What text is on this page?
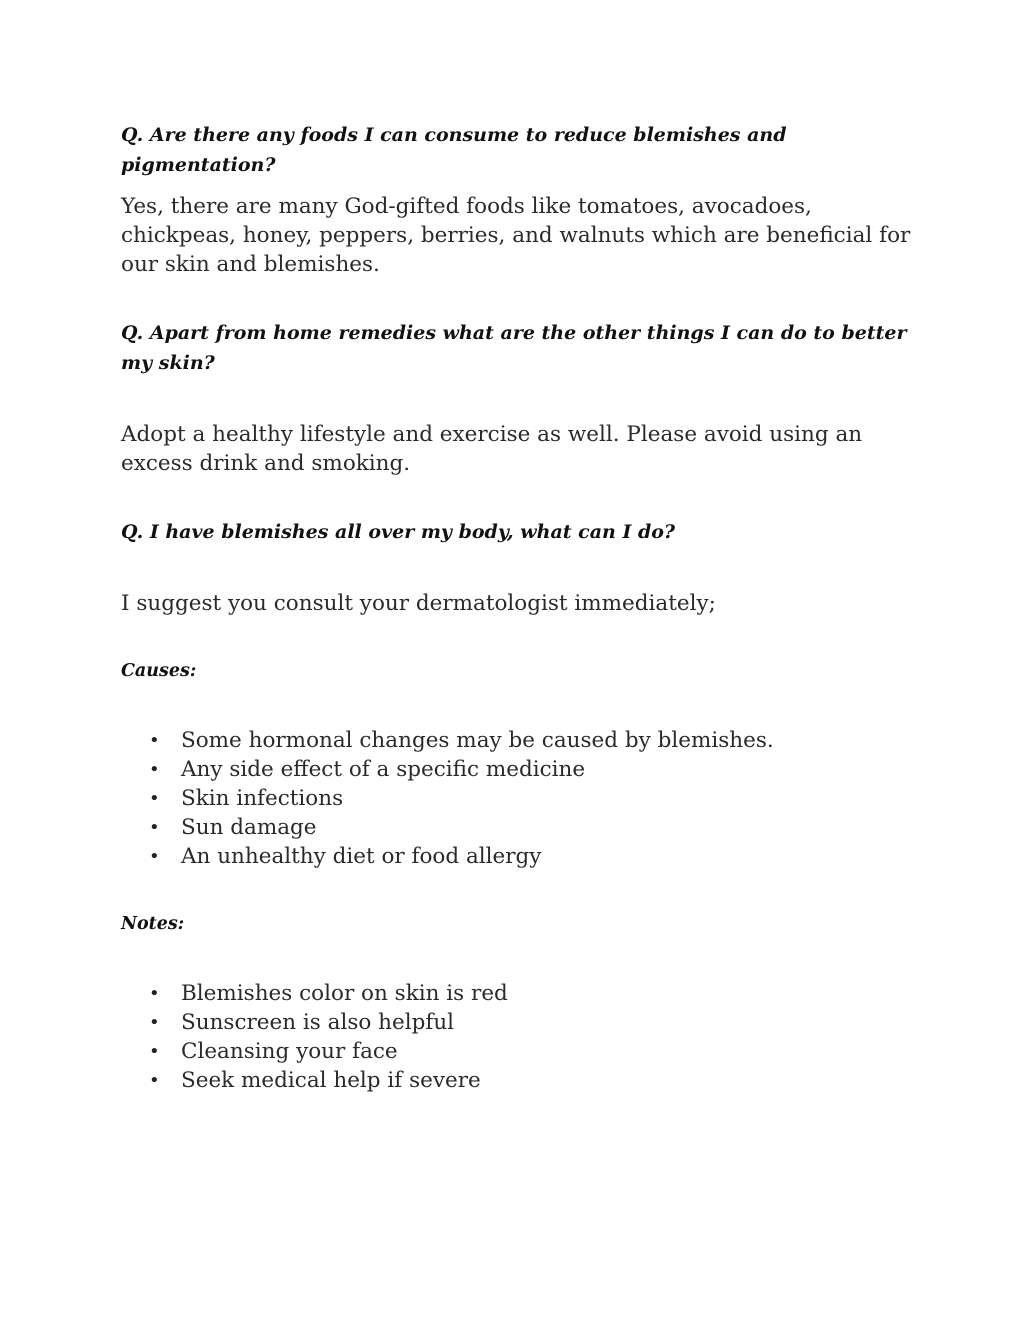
Q. Are there any foods I can consume to reduce blemishes and pigmentation?

Yes, there are many God-gifted foods like tomatoes, avocadoes, chickpeas, honey, peppers, berries, and walnuts which are beneficial for our skin and blemishes.

Q. Apart from home remedies what are the other things I can do to better my skin?

Adopt a healthy lifestyle and exercise as well. Please avoid using an excess drink and smoking.

Q. I have blemishes all over my body, what can I do?

I suggest you consult your dermatologist immediately;

Causes:

• Some hormonal changes may be caused by blemishes.
• Any side effect of a specific medicine
• Skin infections
• Sun damage
• An unhealthy diet or food allergy

Notes:

• Blemishes color on skin is red
• Sunscreen is also helpful
• Cleansing your face
• Seek medical help if severe
